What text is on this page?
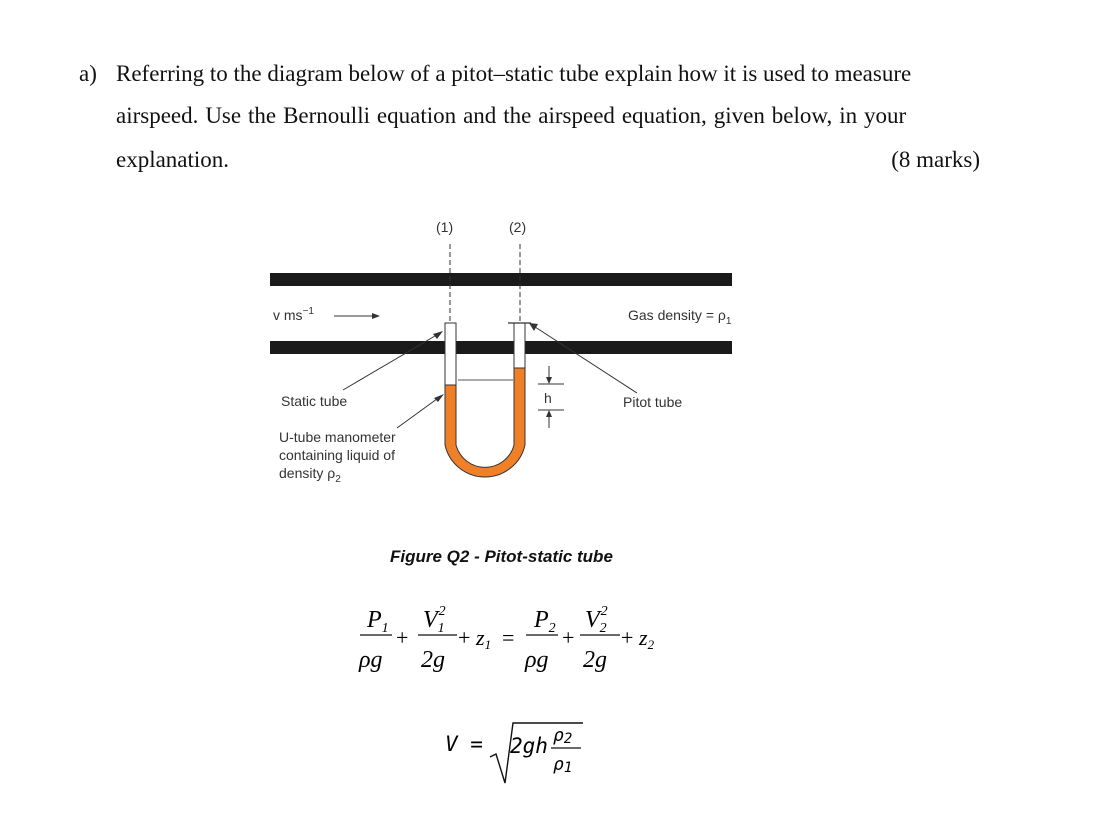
a) Referring to the diagram below of a pitot–static tube explain how it is used to measure
airspeed. Use the Bernoulli equation and the airspeed equation, given below, in your
explanation.	(8 marks)
(1)	(2)
v $ms^{-1}$	Gas density = $\rho_1$
h
Static tube	Pitot tube
U-tube manometer
containing liquid of
density $\rho_2$
Figure Q2 - Pitot-static tube
$P_1$
ρg
+
$V_12$
2g
+ z1 =
$P_2$
ρg
+
$V_22$
2g
+ z2
V = 2gh ρ2
ρ1
